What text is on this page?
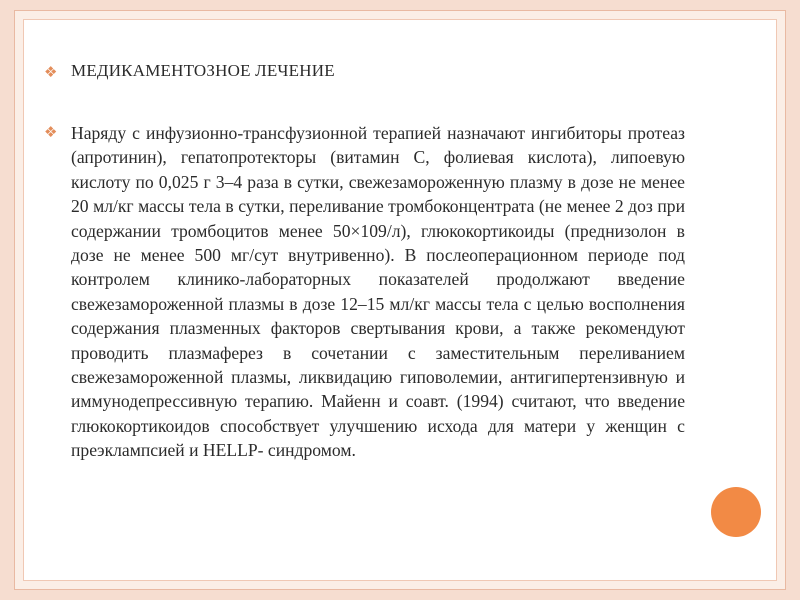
❖ МЕДИКАМЕНТОЗНОЕ ЛЕЧЕНИЕ
❖ Наряду с инфузионно-трансфузионной терапией назначают ингибиторы протеаз (апротинин), гепатопротекторы (витамин С, фолиевая кислота), липоевую кислоту по 0,025 г 3–4 раза в сутки, свежезамороженную плазму в дозе не менее 20 мл/кг массы тела в сутки, переливание тромбоконцентрата (не менее 2 доз при содержании тромбоцитов менее 50×109/л), глюкокортикоиды (преднизолон в дозе не менее 500 мг/сут внутривенно). В послеоперационном периоде под контролем клинико-лабораторных показателей продолжают введение свежезамороженной плазмы в дозе 12–15 мл/кг массы тела с целью восполнения содержания плазменных факторов свертывания крови, а также рекомендуют проводить плазмаферез в сочетании с заместительным переливанием свежезамороженной плазмы, ликвидацию гиповолемии, антигипертензивную и иммунодепрессивную терапию. Майенн и соавт. (1994) считают, что введение глюкокортикоидов способствует улучшению исхода для матери у женщин с преэклампсией и HELLP- синдромом.
